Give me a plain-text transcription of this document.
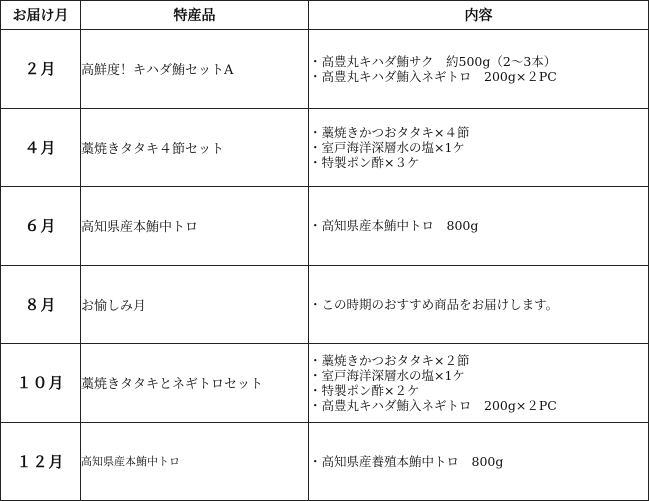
お届け月	特産品	内容
２月	高鮮度！キハダ鮪セットA	・高豊丸キハダ鮪サク　約500g（2〜3本）
・高豊丸キハダ鮪入ネギトロ　200g×２PC

４月	藁焼きタタキ４節セット	・藁焼きかつおタタキ×４節
・室戸海洋深層水の塩×1ケ
・特製ポン酢×３ケ

６月	高知県産本鮪中トロ	・高知県産本鮪中トロ　800g

８月	お愉しみ月	・この時期のおすすめ商品をお届けします。

１０月	藁焼きタタキとネギトロセット	・藁焼きかつおタタキ×２節
・室戸海洋深層水の塩×1ケ
・特製ポン酢×２ケ
・高豊丸キハダ鮪入ネギトロ　200g×２PC

１２月	高知県産本鮪中トロ	・高知県産養殖本鮪中トロ　800g
